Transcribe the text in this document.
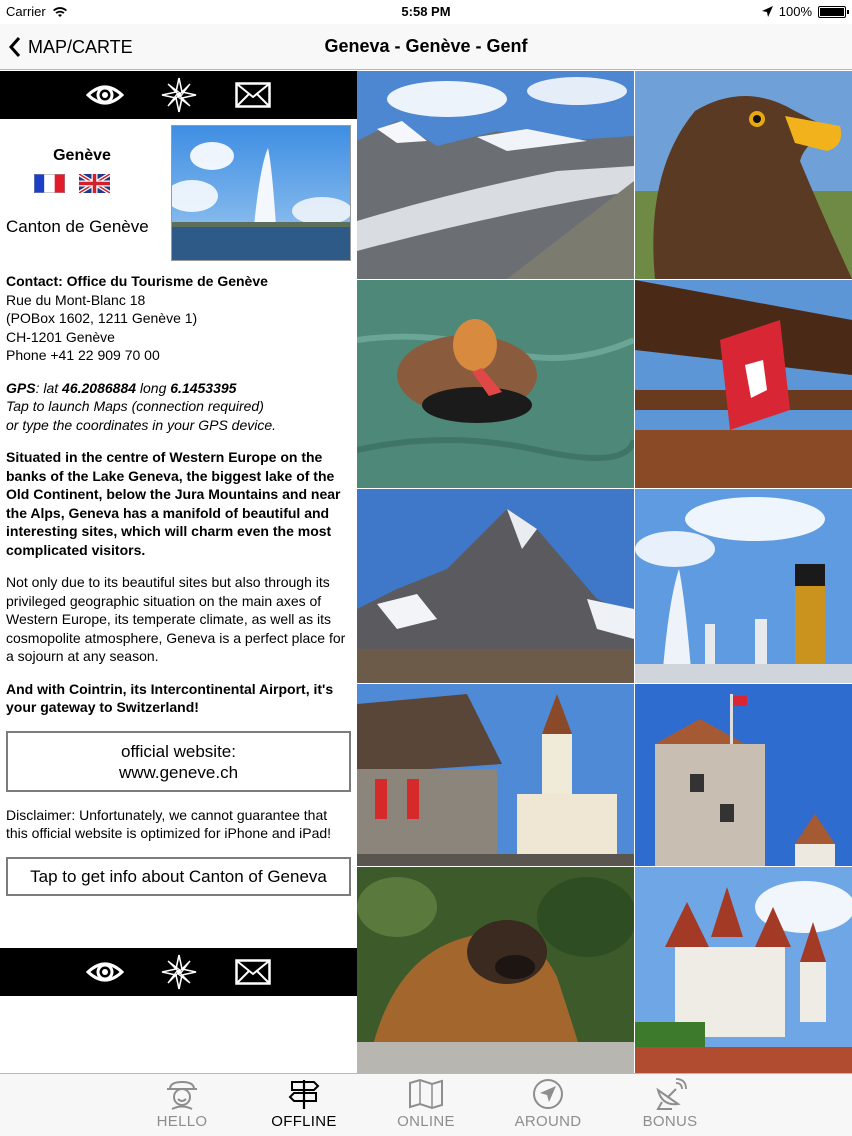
Carrier	5:58 PM	100%
MAP/CARTE	Geneva - Genève - Genf
Genève
Canton de Genève
Contact: Office du Tourisme de Genève
Rue du Mont-Blanc 18
(POBox 1602, 1211 Genève 1)
CH-1201 Genève
Phone +41 22 909 70 00
GPS: lat 46.2086884 long 6.1453395
Tap to launch Maps (connection required)
or type the coordinates in your GPS device.
Situated in the centre of Western Europe on the banks of the Lake Geneva, the biggest lake of the Old Continent, below the Jura Mountains and near the Alps, Geneva has a manifold of beautiful and interesting sites, which will charm even the most complicated visitors.
Not only due to its beautiful sites but also through its privileged geographic situation on the main axes of Western Europe, its temperate climate, as well as its cosmopolite atmosphere, Geneva is a perfect place for a sojourn at any season.
And with Cointrin, its Intercontinental Airport, it's your gateway to Switzerland!
official website:
www.geneve.ch
Disclaimer: Unfortunately, we cannot guarantee that this official website is optimized for iPhone and iPad!
Tap to get info about Canton of Geneva
HELLO	OFFLINE	ONLINE	AROUND	BONUS
